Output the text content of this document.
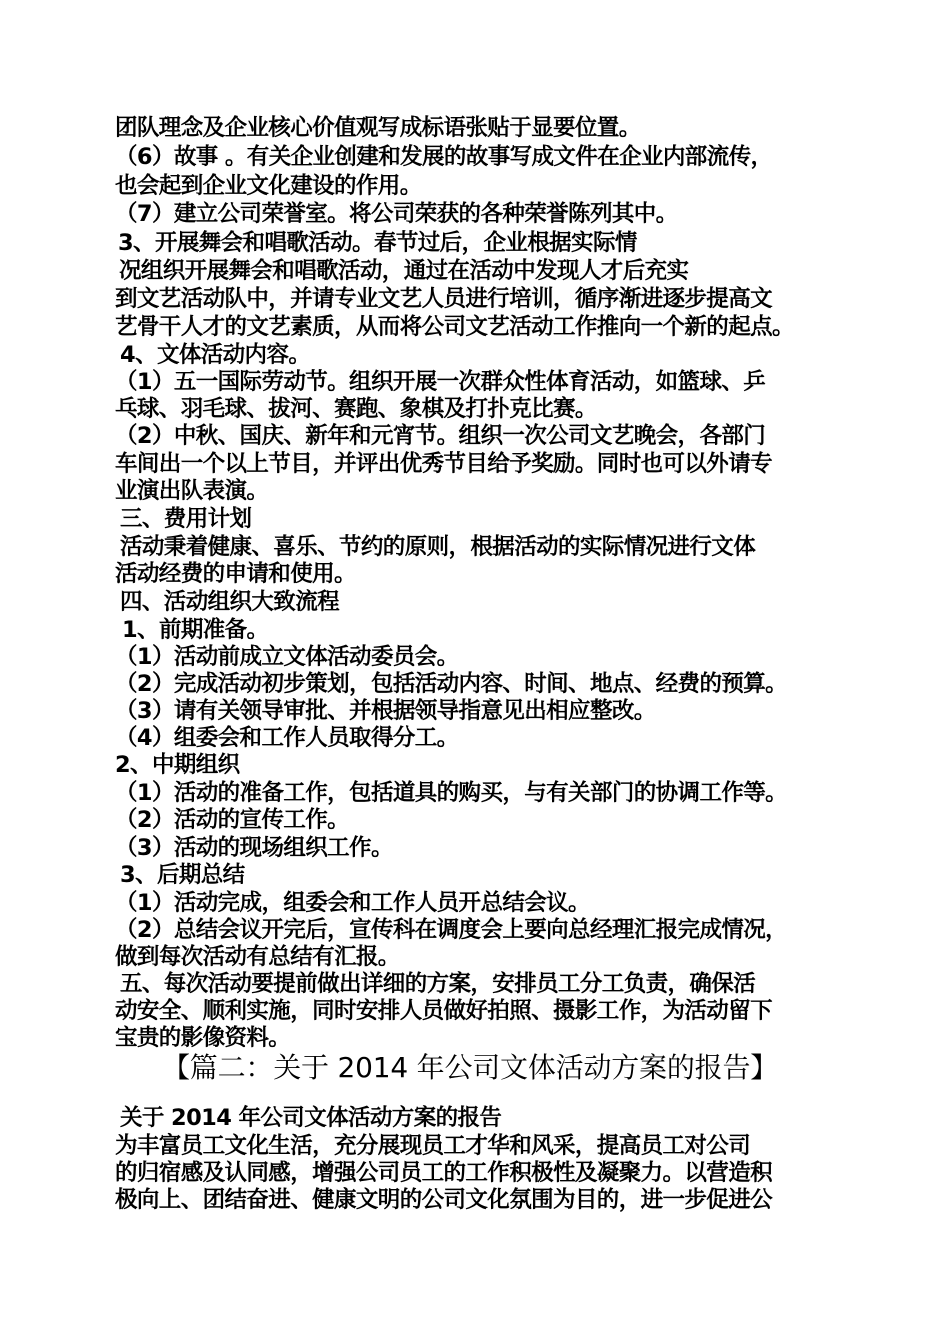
团队理念及企业核心价值观写成标语张贴于显要位置。
（6）故事 。有关企业创建和发展的故事写成文件在企业内部流传，
也会起到企业文化建设的作用。
（7）建立公司荣誉室。将公司荣获的各种荣誉陈列其中。
3、开展舞会和唱歌活动。春节过后，企业根据实际情
况组织开展舞会和唱歌活动，通过在活动中发现人才后充实
到文艺活动队中，并请专业文艺人员进行培训，循序渐进逐步提高文
艺骨干人才的文艺素质，从而将公司文艺活动工作推向一个新的起点。
4、文体活动内容。
（1）五一国际劳动节。组织开展一次群众性体育活动，如篮球、乒
乓球、羽毛球、拔河、赛跑、象棋及打扑克比赛。
（2）中秋、国庆、新年和元宵节。组织一次公司文艺晚会，各部门
车间出一个以上节目，并评出优秀节目给予奖励。同时也可以外请专
业演出队表演。
三、费用计划
活动秉着健康、喜乐、节约的原则，根据活动的实际情况进行文体
活动经费的申请和使用。
四、活动组织大致流程
1、前期准备。
（1）活动前成立文体活动委员会。
（2）完成活动初步策划，包括活动内容、时间、地点、经费的预算。
（3）请有关领导审批、并根据领导指意见出相应整改。
（4）组委会和工作人员取得分工。
2、中期组织
（1）活动的准备工作，包括道具的购买，与有关部门的协调工作等。
（2）活动的宣传工作。
（3）活动的现场组织工作。
3、后期总结
（1）活动完成，组委会和工作人员开总结会议。
（2）总结会议开完后，宣传科在调度会上要向总经理汇报完成情况，
做到每次活动有总结有汇报。
五、每次活动要提前做出详细的方案，安排员工分工负责，确保活
动安全、顺利实施，同时安排人员做好拍照、摄影工作，为活动留下
宝贵的影像资料。
【篇二：关于 2014 年公司文体活动方案的报告】
关于 2014 年公司文体活动方案的报告
为丰富员工文化生活，充分展现员工才华和风采，提高员工对公司
的归宿感及认同感，增强公司员工的工作积极性及凝聚力。以营造积
极向上、团结奋进、健康文明的公司文化氛围为目的，进一步促进公
